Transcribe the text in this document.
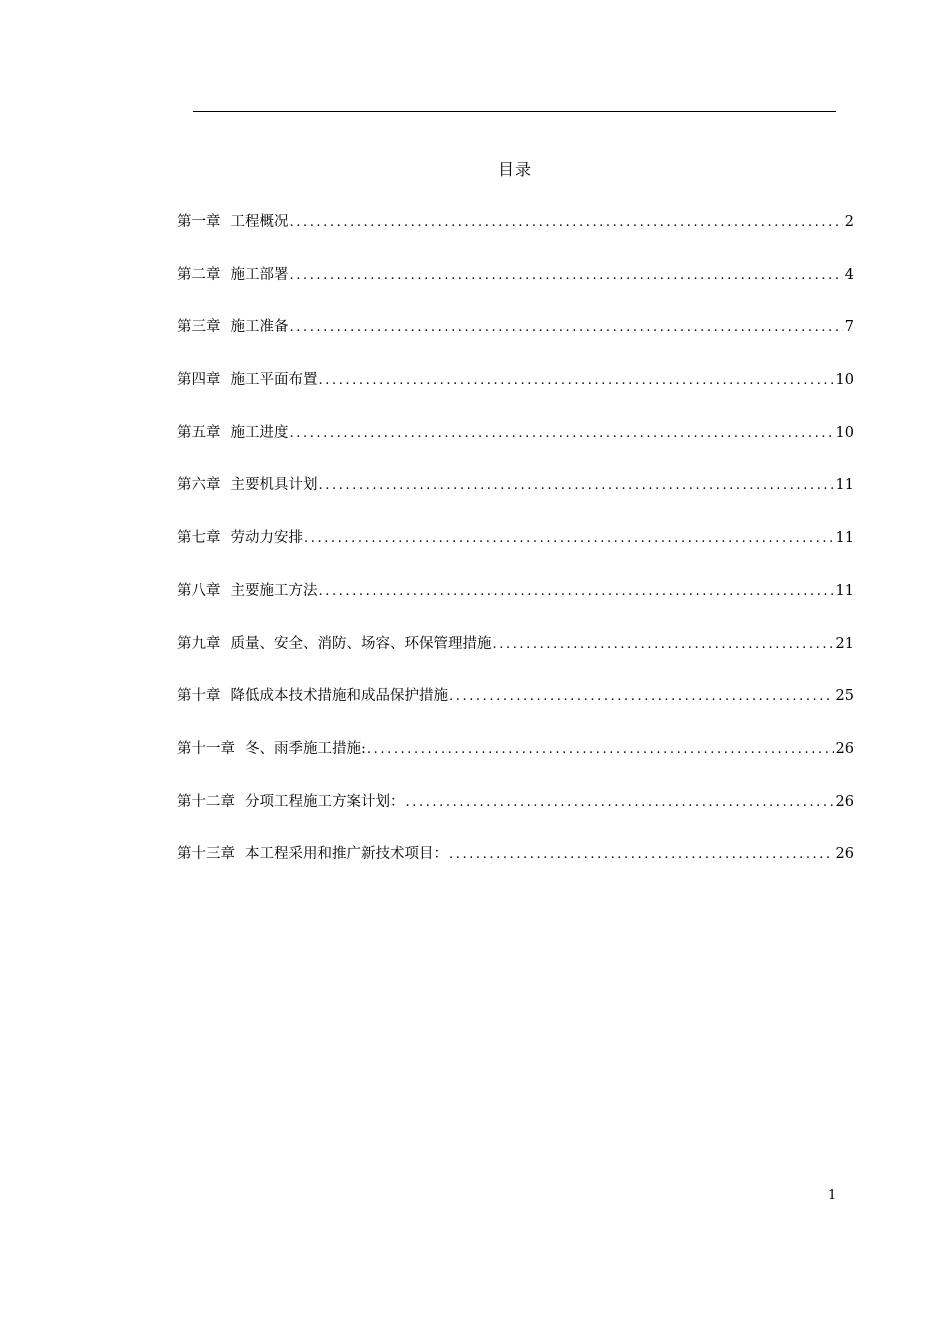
目录
第一章 工程概况 .....	2
第二章 施工部署 .....	4
第三章 施工准备 .....	7
第四章 施工平面布置 .....	10
第五章 施工进度 .....	10
第六章 主要机具计划 .....	11
第七章 劳动力安排 .....	11
第八章 主要施工方法 .....	11
第九章 质量、安全、消防、场容、环保管理措施 .....	21
第十章 降低成本技术措施和成品保护措施 .....	25
第十一章 冬、雨季施工措施: .....	26
第十二章 分项工程施工方案计划： .....	26
第十三章 本工程采用和推广新技术项目： .....	26
1
